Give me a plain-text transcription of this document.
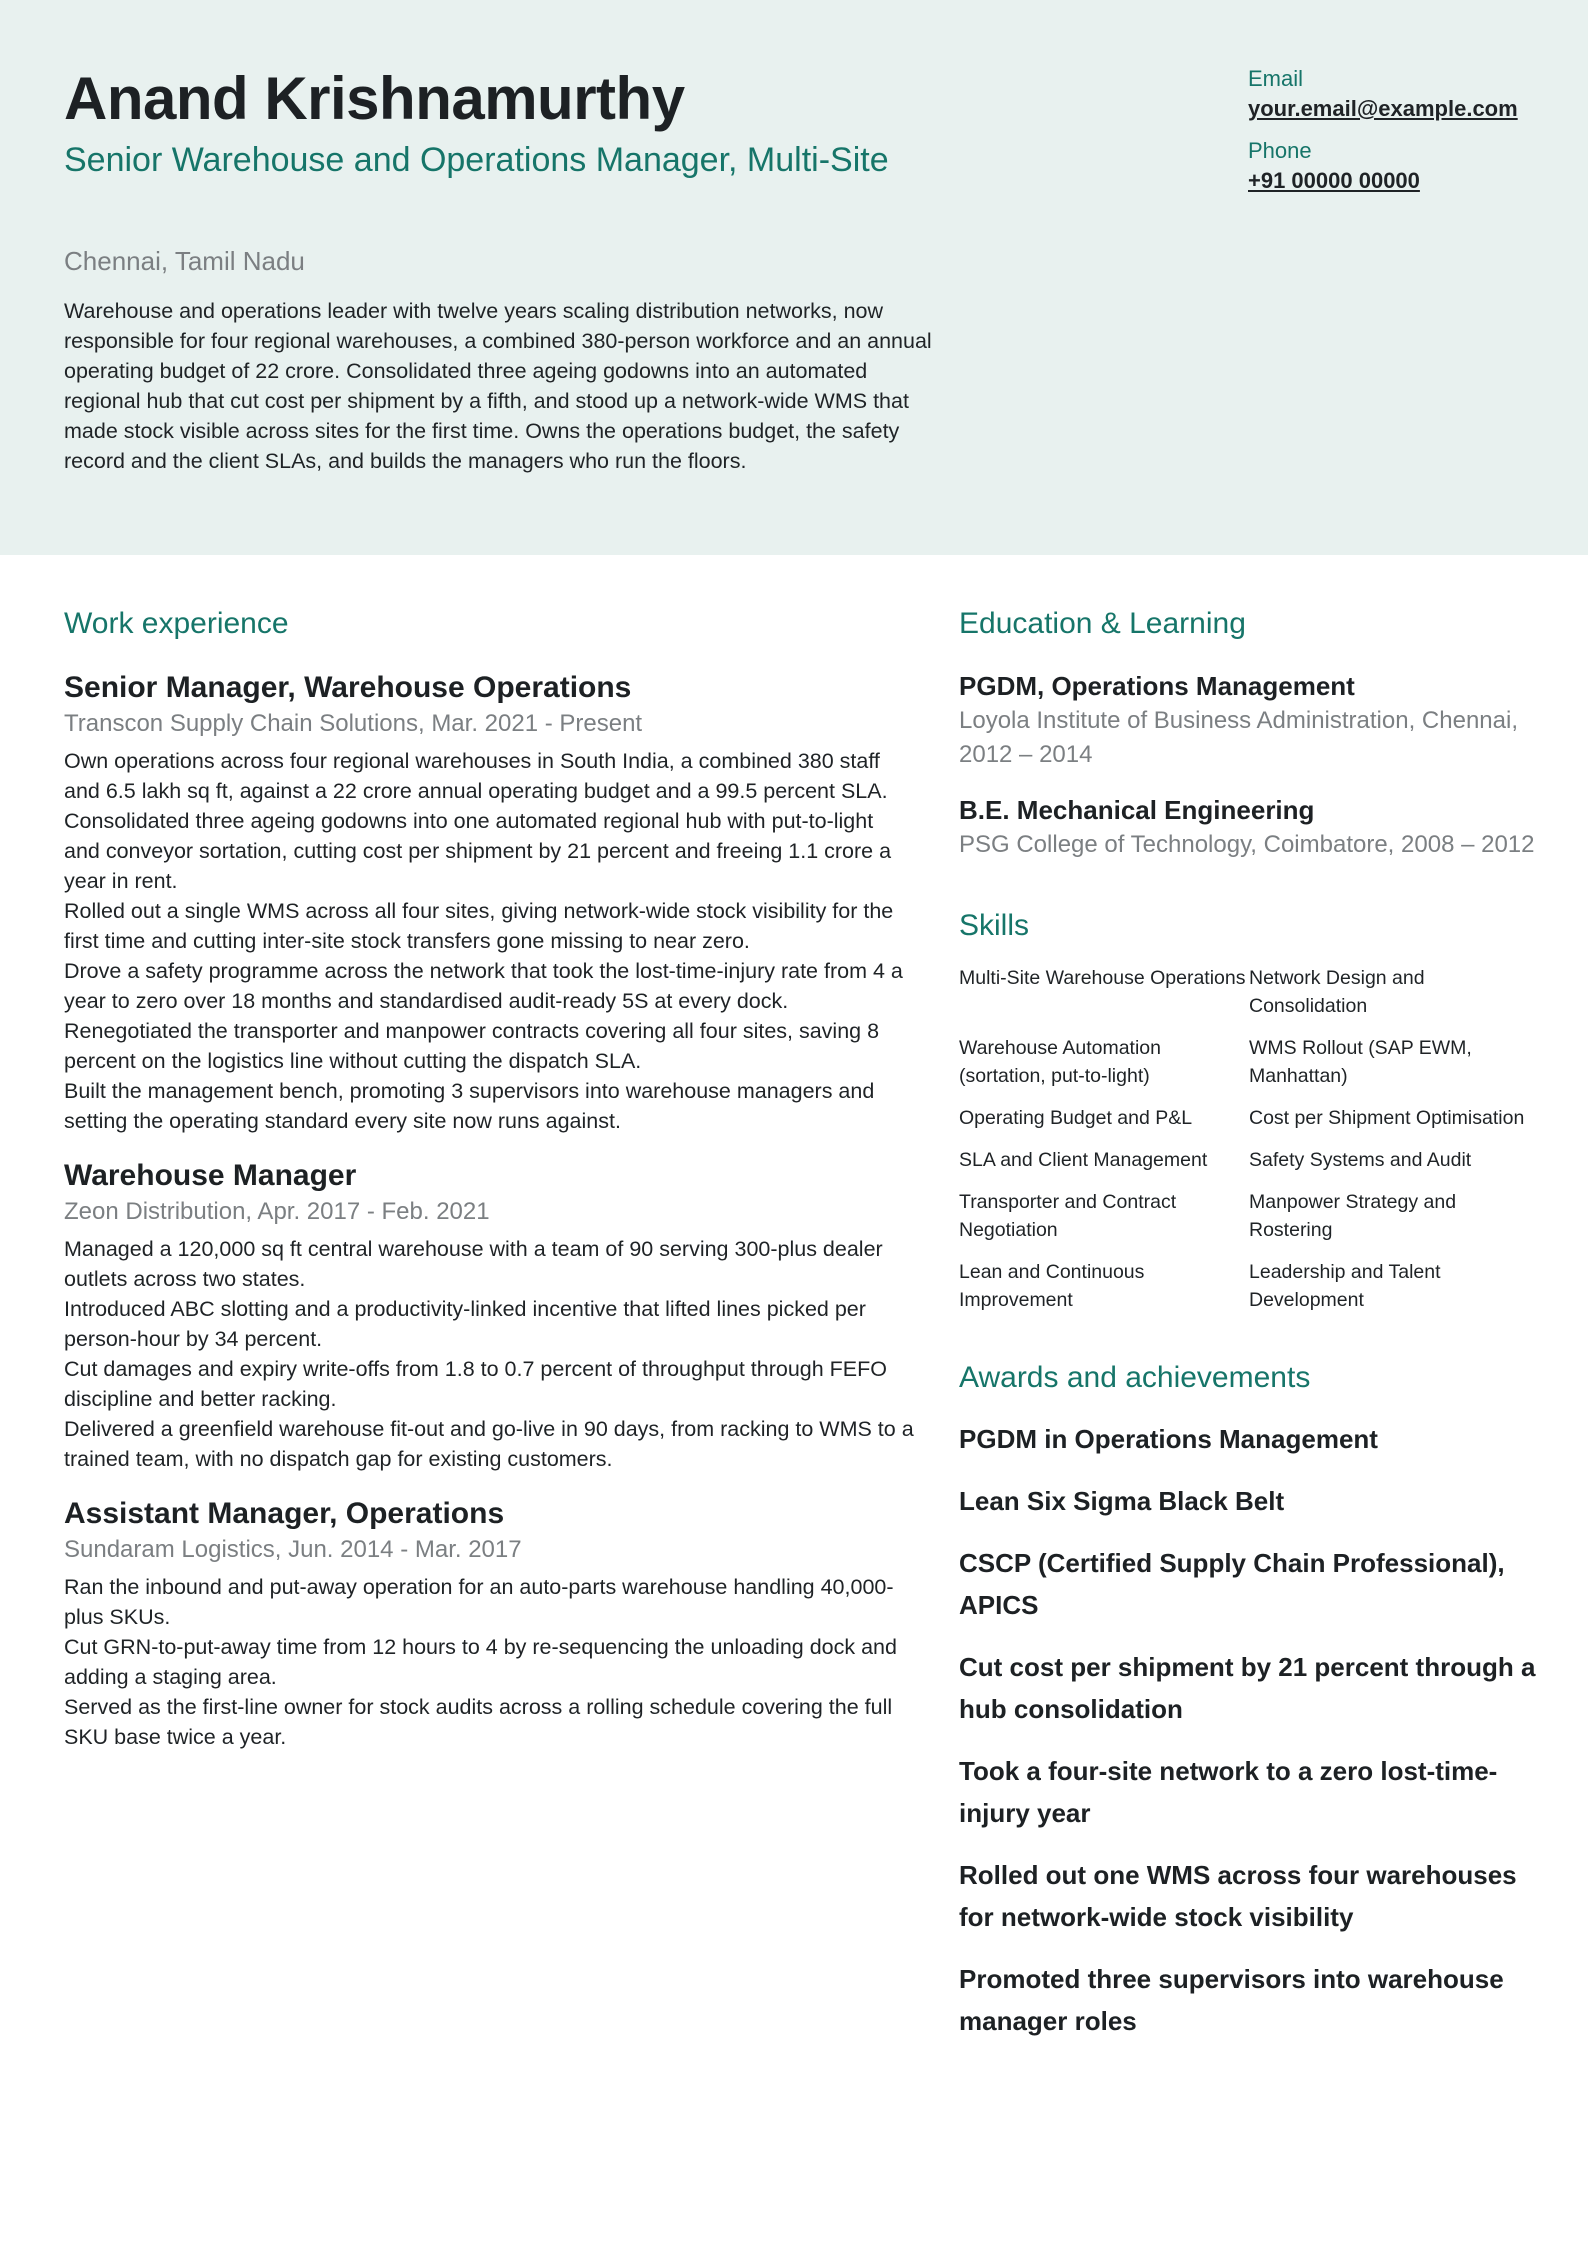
Anand Krishnamurthy
Senior Warehouse and Operations Manager, Multi-Site
Chennai, Tamil Nadu

Warehouse and operations leader with twelve years scaling distribution networks, now responsible for four regional warehouses, a combined 380-person workforce and an annual operating budget of 22 crore. Consolidated three ageing godowns into an automated regional hub that cut cost per shipment by a fifth, and stood up a network-wide WMS that made stock visible across sites for the first time. Owns the operations budget, the safety record and the client SLAs, and builds the managers who run the floors.

Email
your.email@example.com
Phone
+91 00000 00000
Work experience
Senior Manager, Warehouse Operations
Transcon Supply Chain Solutions, Mar. 2021 - Present

Own operations across four regional warehouses in South India, a combined 380 staff and 6.5 lakh sq ft, against a 22 crore annual operating budget and a 99.5 percent SLA.

Consolidated three ageing godowns into one automated regional hub with put-to-light and conveyor sortation, cutting cost per shipment by 21 percent and freeing 1.1 crore a year in rent.

Rolled out a single WMS across all four sites, giving network-wide stock visibility for the first time and cutting inter-site stock transfers gone missing to near zero.

Drove a safety programme across the network that took the lost-time-injury rate from 4 a year to zero over 18 months and standardised audit-ready 5S at every dock.

Renegotiated the transporter and manpower contracts covering all four sites, saving 8 percent on the logistics line without cutting the dispatch SLA.

Built the management bench, promoting 3 supervisors into warehouse managers and setting the operating standard every site now runs against.

Warehouse Manager
Zeon Distribution, Apr. 2017 - Feb. 2021

Managed a 120,000 sq ft central warehouse with a team of 90 serving 300-plus dealer outlets across two states.

Introduced ABC slotting and a productivity-linked incentive that lifted lines picked per person-hour by 34 percent.

Cut damages and expiry write-offs from 1.8 to 0.7 percent of throughput through FEFO discipline and better racking.

Delivered a greenfield warehouse fit-out and go-live in 90 days, from racking to WMS to a trained team, with no dispatch gap for existing customers.

Assistant Manager, Operations
Sundaram Logistics, Jun. 2014 - Mar. 2017

Ran the inbound and put-away operation for an auto-parts warehouse handling 40,000-plus SKUs.

Cut GRN-to-put-away time from 12 hours to 4 by re-sequencing the unloading dock and adding a staging area.

Served as the first-line owner for stock audits across a rolling schedule covering the full SKU base twice a year.

Education & Learning
PGDM, Operations Management
Loyola Institute of Business Administration, Chennai, 2012 – 2014
B.E. Mechanical Engineering
PSG College of Technology, Coimbatore, 2008 – 2012
Skills
Multi-Site Warehouse Operations Network Design and Consolidation
Warehouse Automation (sortation, put-to-light)
WMS Rollout (SAP EWM, Manhattan)
Operating Budget and P&L	Cost per Shipment Optimisation
SLA and Client Management	Safety Systems and Audit
Transporter and Contract Negotiation
Manpower Strategy and Rostering
Lean and Continuous Improvement
Leadership and Talent Development
Awards and achievements

PGDM in Operations Management

Lean Six Sigma Black Belt

CSCP (Certified Supply Chain Professional), APICS

Cut cost per shipment by 21 percent through a hub consolidation

Took a four-site network to a zero lost-time-injury year

Rolled out one WMS across four warehouses for network-wide stock visibility

Promoted three supervisors into warehouse manager roles
